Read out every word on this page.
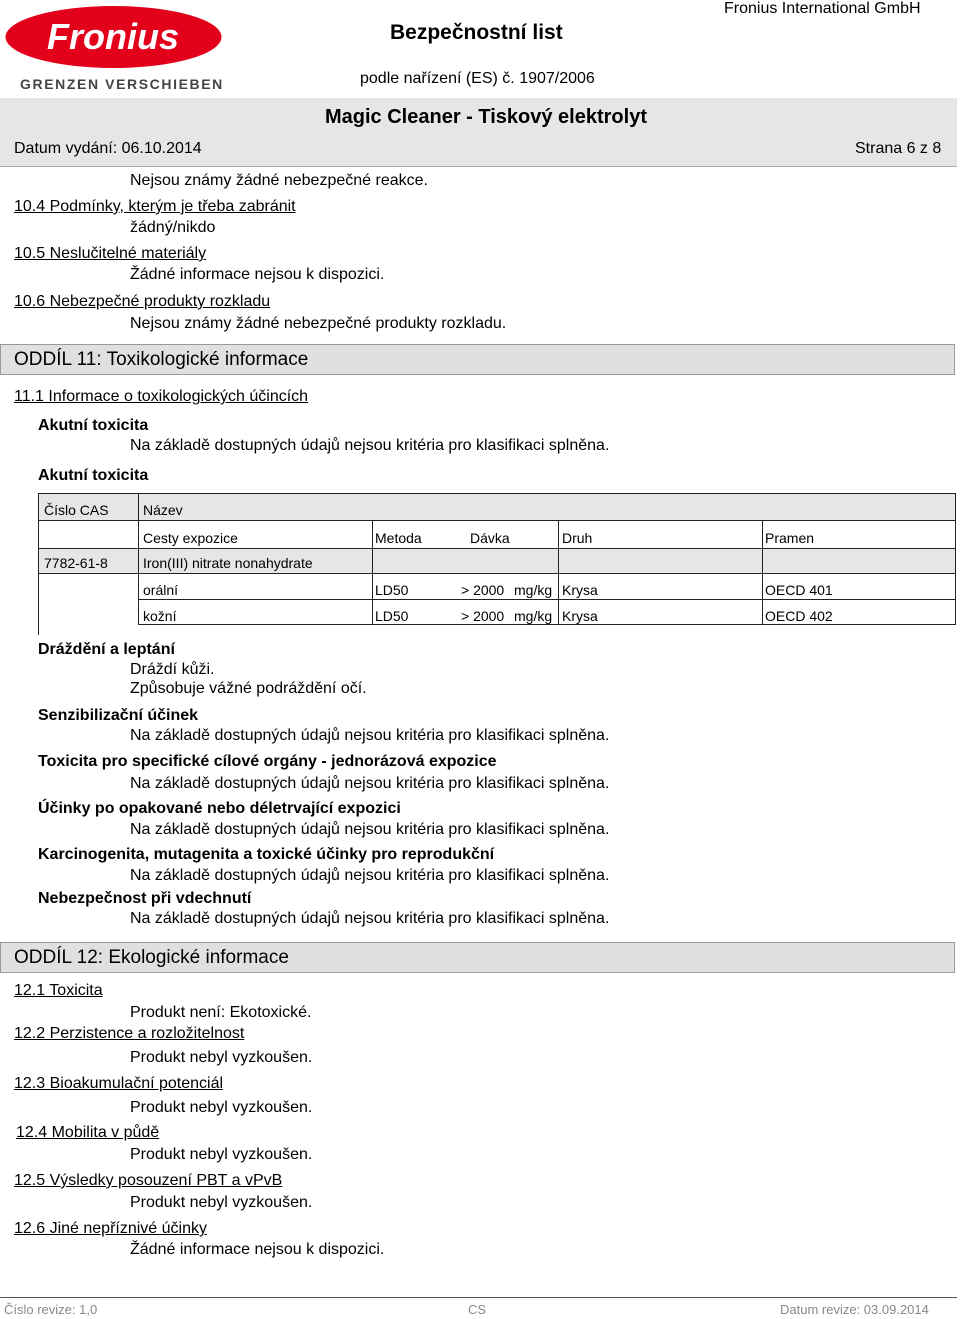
Fronius
GRENZEN VERSCHIEBEN
Bezpečnostní list
Fronius International GmbH
podle nařízení (ES) č. 1907/2006
Magic Cleaner - Tiskový elektrolyt
Datum vydání: 06.10.2014	Strana 6 z 8
Nejsou známy žádné nebezpečné reakce.
10.4 Podmínky, kterým je třeba zabránit
žádný/nikdo
10.5 Neslučitelné materiály
Žádné informace nejsou k dispozici.
10.6 Nebezpečné produkty rozkladu
Nejsou známy žádné nebezpečné produkty rozkladu.
ODDÍL 11: Toxikologické informace
11.1 Informace o toxikologických účincích
Akutní toxicita
Na základě dostupných údajů nejsou kritéria pro klasifikaci splněna.
Akutní toxicita
Číslo CAS Název
Cesty expozice	Metoda	Dávka	Druh	Pramen
7782-61-8	Iron(III) nitrate nonahydrate
orální	LD50	> 2000 mg/kg Krysa	OECD 401
kožní	LD50	> 2000 mg/kg Krysa	OECD 402
Dráždění a leptání
Dráždí kůži.
Způsobuje vážné podráždění očí.
Senzibilizační účinek
Na základě dostupných údajů nejsou kritéria pro klasifikaci splněna.
Toxicita pro specifické cílové orgány - jednorázová expozice
Na základě dostupných údajů nejsou kritéria pro klasifikaci splněna.
Účinky po opakované nebo déletrvající expozici
Na základě dostupných údajů nejsou kritéria pro klasifikaci splněna.
Karcinogenita, mutagenita a toxické účinky pro reprodukční
Na základě dostupných údajů nejsou kritéria pro klasifikaci splněna.
Nebezpečnost při vdechnutí
Na základě dostupných údajů nejsou kritéria pro klasifikaci splněna.
ODDÍL 12: Ekologické informace
12.1 Toxicita
Produkt není: Ekotoxické.
12.2 Perzistence a rozložitelnost
Produkt nebyl vyzkoušen.
12.3 Bioakumulační potenciál
Produkt nebyl vyzkoušen.
12.4 Mobilita v půdě
Produkt nebyl vyzkoušen.
12.5 Výsledky posouzení PBT a vPvB
Produkt nebyl vyzkoušen.
12.6 Jiné nepříznivé účinky
Žádné informace nejsou k dispozici.
Číslo revize: 1,0	CS	Datum revize: 03.09.2014
